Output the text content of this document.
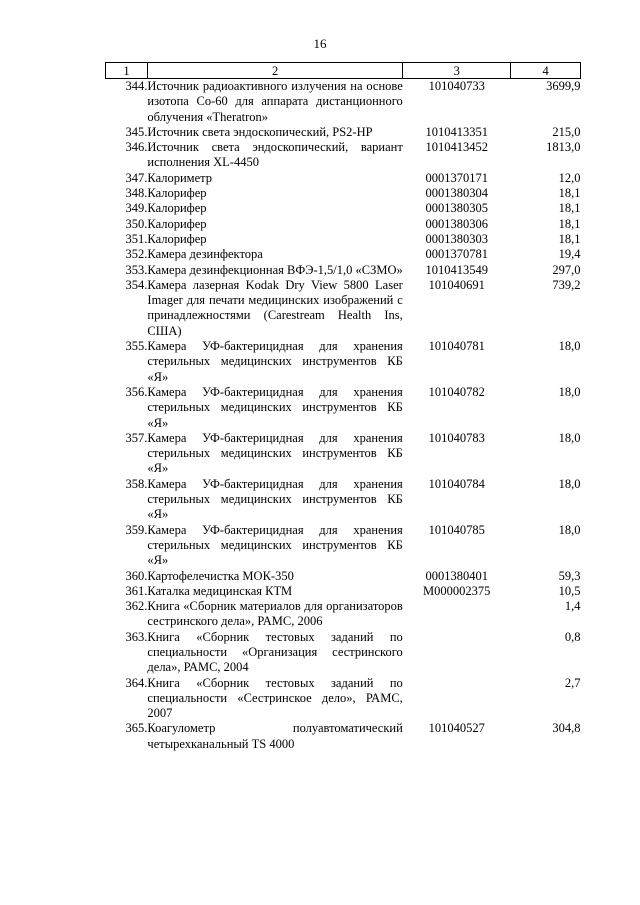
16
1	2	3	4
344.	Источник радиоактивного излучения на основе изотопа Со-60 для аппарата дистанционного облучения «Theratron»	101040733	3699,9
345.	Источник света эндоскопический, PS2-HP	1010413351	215,0
346.	Источник света эндоскопический, вариант исполнения XL-4450	1010413452	1813,0
347.	Калориметр	0001370171	12,0
348.	Калорифер	0001380304	18,1
349.	Калорифер	0001380305	18,1
350.	Калорифер	0001380306	18,1
351.	Калорифер	0001380303	18,1
352.	Камера дезинфектора	0001370781	19,4
353.	Камера дезинфекционная ВФЭ-1,5/1,0 «СЗМО»	1010413549	297,0
354.	Камера лазерная Kodak Dry View 5800 Laser Imager для печати медицинских изображений с принадлежностями (Carestream Health Ins, США)	101040691	739,2
355.	Камера УФ-бактерицидная для хранения стерильных медицинских инструментов КБ «Я»	101040781	18,0
356.	Камера УФ-бактерицидная для хранения стерильных медицинских инструментов КБ «Я»	101040782	18,0
357.	Камера УФ-бактерицидная для хранения стерильных медицинских инструментов КБ «Я»	101040783	18,0
358.	Камера УФ-бактерицидная для хранения стерильных медицинских инструментов КБ «Я»	101040784	18,0
359.	Камера УФ-бактерицидная для хранения стерильных медицинских инструментов КБ «Я»	101040785	18,0
360.	Картофелечистка МОК-350	0001380401	59,3
361.	Каталка медицинская КТМ	М000002375	10,5
362.	Книга «Сборник материалов для организаторов сестринского дела», РАМС, 2006		1,4
363.	Книга «Сборник тестовых заданий по специальности «Организация сестринского дела», РАМС, 2004		0,8
364.	Книга «Сборник тестовых заданий по специальности «Сестринское дело», РАМС, 2007		2,7
365.	Коагулометр полуавтоматический четырехканальный TS 4000	101040527	304,8
